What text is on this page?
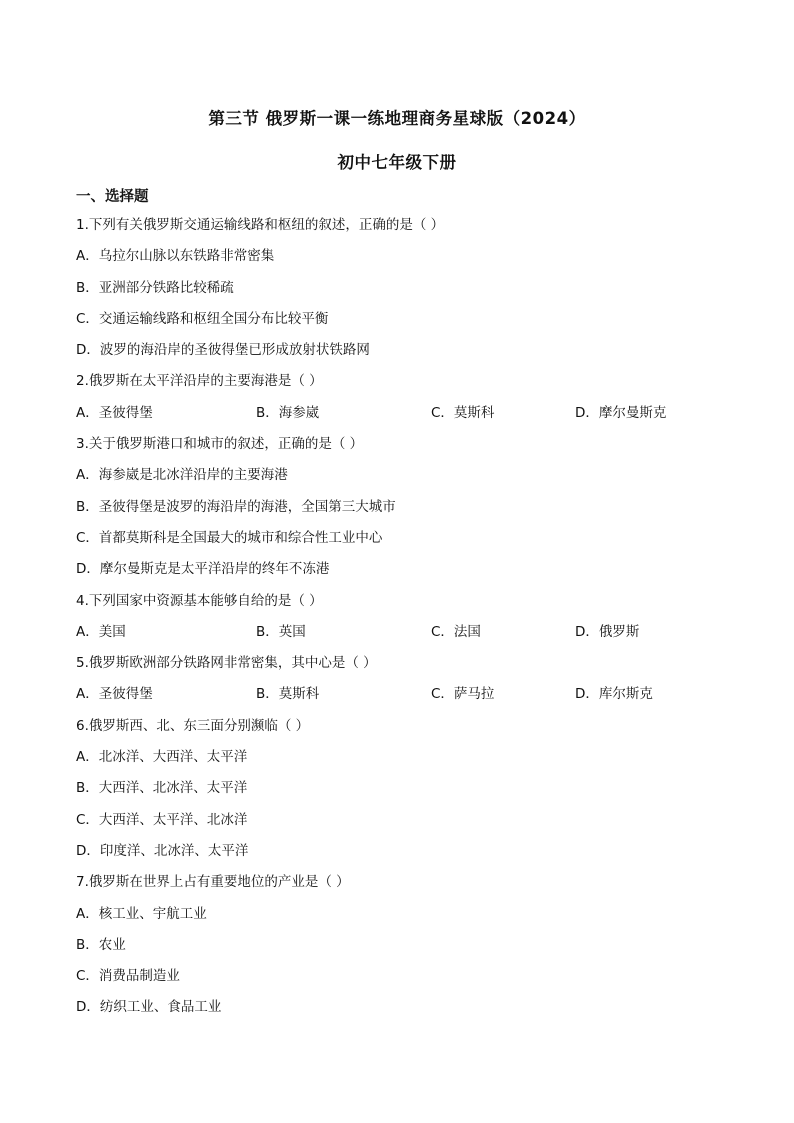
第三节 俄罗斯一课一练地理商务星球版（2024）
初中七年级下册
一、选择题
1.下列有关俄罗斯交通运输线路和枢纽的叙述，正确的是（ ）
A．乌拉尔山脉以东铁路非常密集
B．亚洲部分铁路比较稀疏
C．交通运输线路和枢纽全国分布比较平衡
D．波罗的海沿岸的圣彼得堡已形成放射状铁路网
2.俄罗斯在太平洋沿岸的主要海港是（ ）
A．圣彼得堡	B．海参崴	C．莫斯科	D．摩尔曼斯克
3.关于俄罗斯港口和城市的叙述，正确的是（ ）
A．海参崴是北冰洋沿岸的主要海港
B．圣彼得堡是波罗的海沿岸的海港，全国第三大城市
C．首都莫斯科是全国最大的城市和综合性工业中心
D．摩尔曼斯克是太平洋沿岸的终年不冻港
4.下列国家中资源基本能够自给的是（ ）
A．美国	B．英国	C．法国	D．俄罗斯
5.俄罗斯欧洲部分铁路网非常密集，其中心是（ ）
A．圣彼得堡	B．莫斯科	C．萨马拉	D．库尔斯克
6.俄罗斯西、北、东三面分别濒临（ ）
A．北冰洋、大西洋、太平洋
B．大西洋、北冰洋、太平洋
C．大西洋、太平洋、北冰洋
D．印度洋、北冰洋、太平洋
7.俄罗斯在世界上占有重要地位的产业是（ ）
A．核工业、宇航工业
B．农业
C．消费品制造业
D．纺织工业、食品工业
